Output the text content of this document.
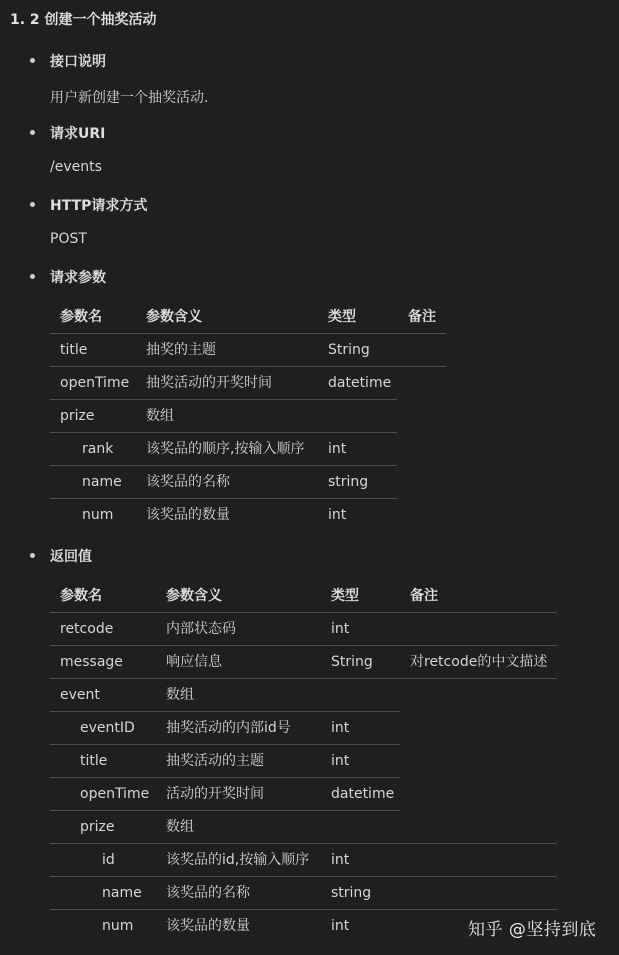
1. 2 创建一个抽奖活动
接口说明
用户新创建一个抽奖活动.
请求URI
/events
HTTP请求方式
POST
请求参数
参数名	参数含义	类型	备注
title	抽奖的主题	String
openTime 抽奖活动的开奖时间	datetime
prize	数组
rank 该奖品的顺序,按输入顺序 int
name 该奖品的名称	string
num 该奖品的数量	int
返回值
参数名	参数含义	类型	备注
retcode	内部状态码	int
message	响应信息	String	对retcode的中文描述
event	数组
eventID 抽奖活动的内部id号	int
title	抽奖活动的主题	int
openTime 活动的开奖时间	datetime
prize	数组
id	该奖品的id,按输入顺序 int
name 该奖品的名称	string
num 该奖品的数量	int	知乎 @坚持到底
